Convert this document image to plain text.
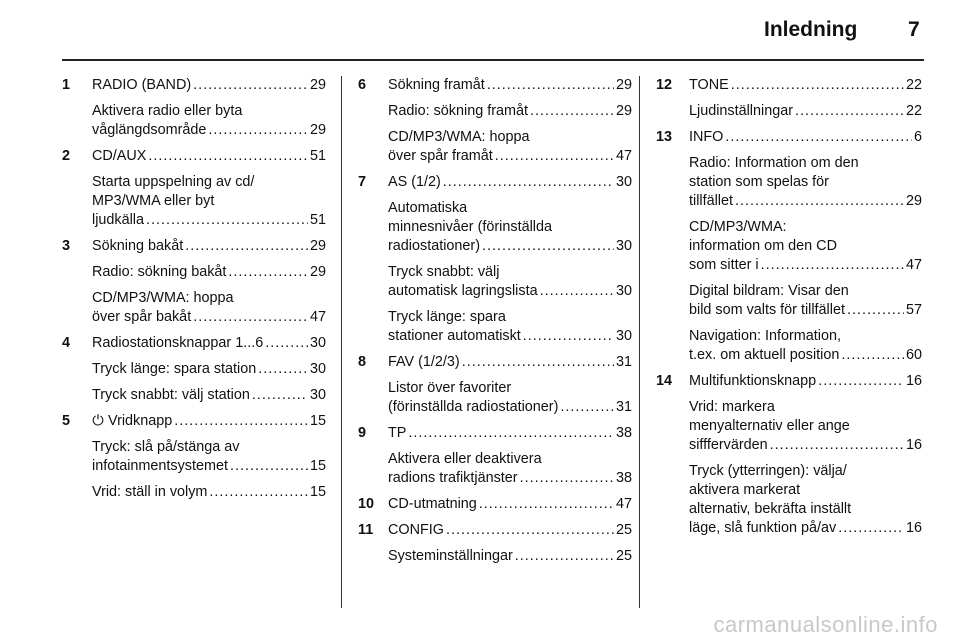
Inledning 7
1 RADIO (BAND) .....	29
Aktivera radio eller byta
våglängdsområde .....	29
2 CD/AUX .....	51
Starta uppspelning av cd/
MP3/WMA eller byt
ljudkälla .....	51
3 Sökning bakåt .....	29
Radio: sökning bakåt .....	29
CD/MP3/WMA: hoppa
över spår bakåt .....	47
4 Radiostationsknappar 1...6 .....	30
Tryck länge: spara station .....	30
Tryck snabbt: välj station .....	30
5 ⏻ Vridknapp .....	15
Tryck: slå på/stänga av
infotainmentsystemet .....	15
Vrid: ställ in volym .....	15
6 Sökning framåt .....	29
Radio: sökning framåt .....	29
CD/MP3/WMA: hoppa
över spår framåt .....	47
7 AS (1/2) .....	30
Automatiska
minnesnivåer (förinställda
radiostationer) .....	30
Tryck snabbt: välj
automatisk lagringslista .....	30
Tryck länge: spara
stationer automatiskt .....	30
8 FAV (1/2/3) .....	31
Listor över favoriter
(förinställda radiostationer) .....	31
9 TP .....	38
Aktivera eller deaktivera
radions trafiktjänster .....	38
10 CD-utmatning .....	47
11 CONFIG .....	25
Systeminställningar .....	25
12 TONE .....	22
Ljudinställningar .....	22
13 INFO .....	6
Radio: Information om den
station som spelas för
tillfället .....	29
CD/MP3/WMA:
information om den CD
som sitter i .....	47
Digital bildram: Visar den
bild som valts för tillfället .....	57
Navigation: Information,
t.ex. om aktuell position .....	60
14 Multifunktionsknapp .....	16
Vrid: markera
menyalternativ eller ange
sifffervärden .....	16
Tryck (ytterringen): välja/
aktivera markerat
alternativ, bekräfta inställt
läge, slå funktion på/av .....	16
carmanualsonline.info
